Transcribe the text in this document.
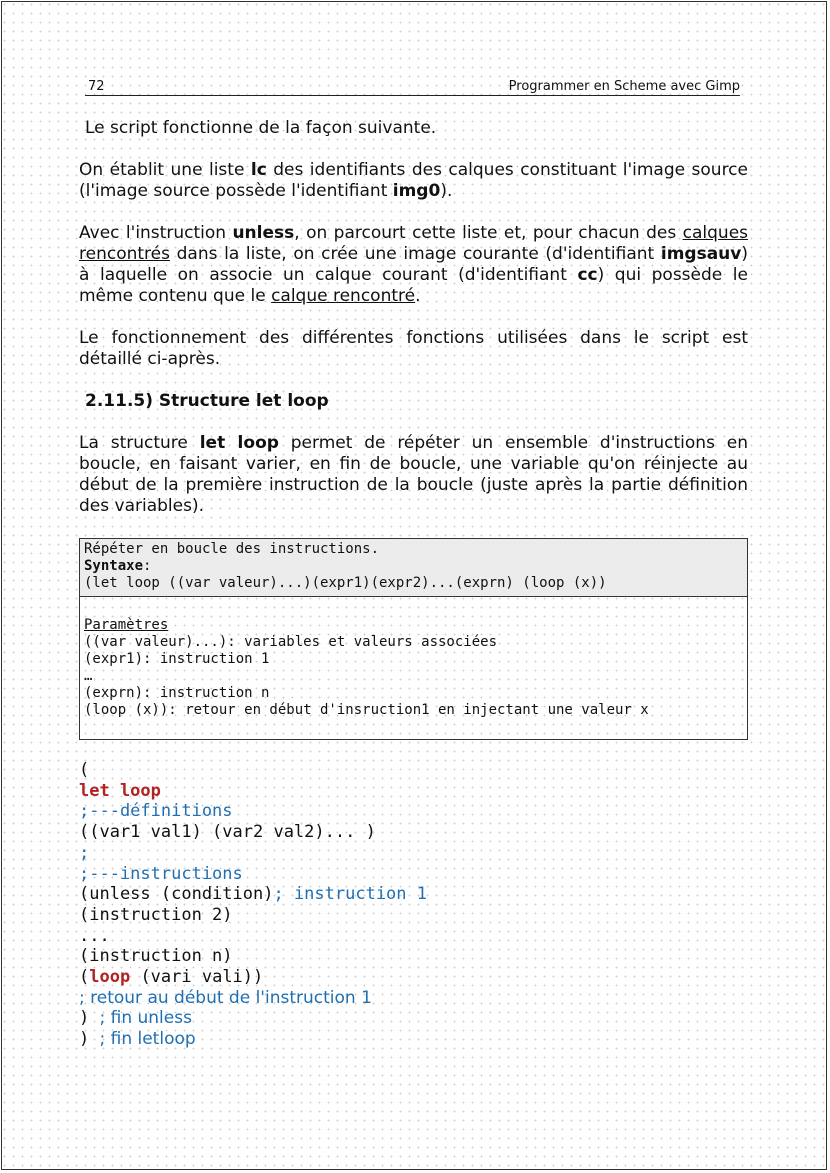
72	Programmer en Scheme avec Gimp

Le script fonctionne de la façon suivante.

On établit une liste lc des identifiants des calques constituant l'image source (l'image source possède l'identifiant img0).

Avec l'instruction unless, on parcourt cette liste et, pour chacun des calques rencontrés dans la liste, on crée une image courante (d'identifiant imgsauv) à laquelle on associe un calque courant (d'identifiant cc) qui possède le même contenu que le calque rencontré.

Le fonctionnement des différentes fonctions utilisées dans le script est détaillé ci-après.

2.11.5) Structure let loop

La structure let loop permet de répéter un ensemble d'instructions en boucle, en faisant varier, en fin de boucle, une variable qu'on réinjecte au début de la première instruction de la boucle (juste après la partie définition des variables).

Répéter en boucle des instructions.
Syntaxe:
(let loop ((var valeur)...)(expr1)(expr2)...(exprn) (loop (x))
Paramètres
((var valeur)...): variables et valeurs associées
(expr1): instruction 1
…
(exprn): instruction n
(loop (x)): retour en début d'insruction1 en injectant une valeur x
(
let loop
;---définitions
((var1 val1) (var2 val2)... )
;
;---instructions
(unless (condition); instruction 1
(instruction 2)
...
(instruction n)
(loop (vari vali))
; retour au début de l'instruction 1
) ; fin unless
) ; fin letloop
